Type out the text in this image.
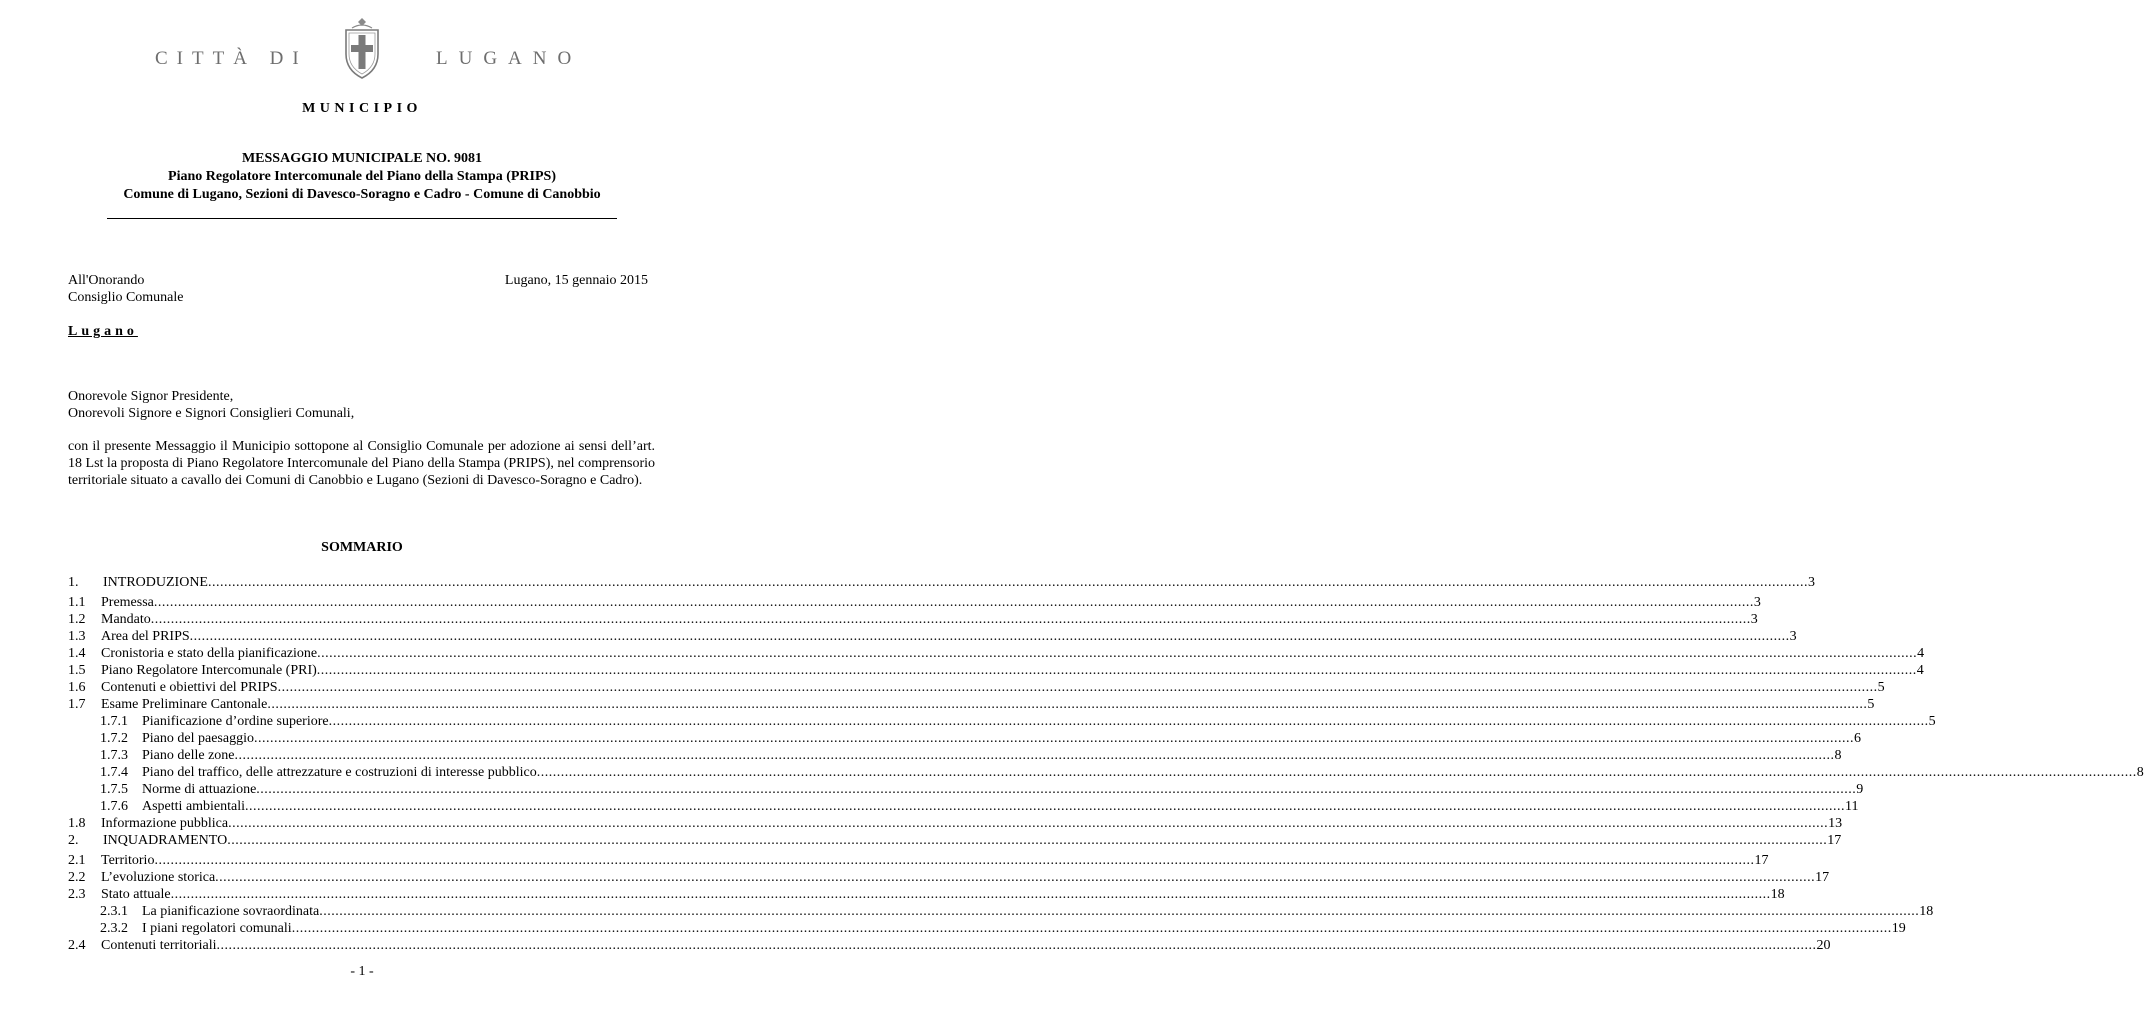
CITTÀ DI	LUGANO
MUNICIPIO
MESSAGGIO MUNICIPALE NO. 9081
Piano Regolatore Intercomunale del Piano della Stampa (PRIPS)
Comune di Lugano, Sezioni di Davesco-Soragno e Cadro - Comune di Canobbio
All'Onorando
Consiglio Comunale
Lugano, 15 gennaio 2015
Lugano
Onorevole Signor Presidente,
Onorevoli Signore e Signori Consiglieri Comunali,
con il presente Messaggio il Municipio sottopone al Consiglio Comunale per adozione ai sensi dell’art. 18 Lst la proposta di Piano Regolatore Intercomunale del Piano della Stampa (PRIPS), nel comprensorio territoriale situato a cavallo dei Comuni di Canobbio e Lugano (Sezioni di Davesco-Soragno e Cadro).
SOMMARIO
1. INTRODUZIONE ................................................................................................................................................................................................................................................................................................................................................................................................................ 3
1.1 Premessa ................................................................................................................................................................................................................................................................................................................................................................................................................ 3
1.2 Mandato ................................................................................................................................................................................................................................................................................................................................................................................................................ 3
1.3 Area del PRIPS ................................................................................................................................................................................................................................................................................................................................................................................................................ 3
1.4 Cronistoria e stato della pianificazione ................................................................................................................................................................................................................................................................................................................................................................................................................ 4
1.5 Piano Regolatore Intercomunale (PRI) ................................................................................................................................................................................................................................................................................................................................................................................................................ 4
1.6 Contenuti e obiettivi del PRIPS ................................................................................................................................................................................................................................................................................................................................................................................................................ 5
1.7 Esame Preliminare Cantonale ................................................................................................................................................................................................................................................................................................................................................................................................................ 5
1.7.1 Pianificazione d’ordine superiore ................................................................................................................................................................................................................................................................................................................................................................................................................ 5
1.7.2 Piano del paesaggio ................................................................................................................................................................................................................................................................................................................................................................................................................ 6
1.7.3 Piano delle zone ................................................................................................................................................................................................................................................................................................................................................................................................................ 8
1.7.4 Piano del traffico, delle attrezzature e costruzioni di interesse pubblico ................................................................................................................................................................................................................................................................................................................................................................................................................ 8
1.7.5 Norme di attuazione ................................................................................................................................................................................................................................................................................................................................................................................................................ 9
1.7.6 Aspetti ambientali ................................................................................................................................................................................................................................................................................................................................................................................................................ 11
1.8 Informazione pubblica ................................................................................................................................................................................................................................................................................................................................................................................................................ 13
2. INQUADRAMENTO ................................................................................................................................................................................................................................................................................................................................................................................................................ 17
2.1 Territorio ................................................................................................................................................................................................................................................................................................................................................................................................................ 17
2.2 L’evoluzione storica ................................................................................................................................................................................................................................................................................................................................................................................................................ 17
2.3 Stato attuale ................................................................................................................................................................................................................................................................................................................................................................................................................ 18
2.3.1 La pianificazione sovraordinata ................................................................................................................................................................................................................................................................................................................................................................................................................ 18
2.3.2 I piani regolatori comunali ................................................................................................................................................................................................................................................................................................................................................................................................................ 19
2.4 Contenuti territoriali ................................................................................................................................................................................................................................................................................................................................................................................................................ 20
- 1 -
